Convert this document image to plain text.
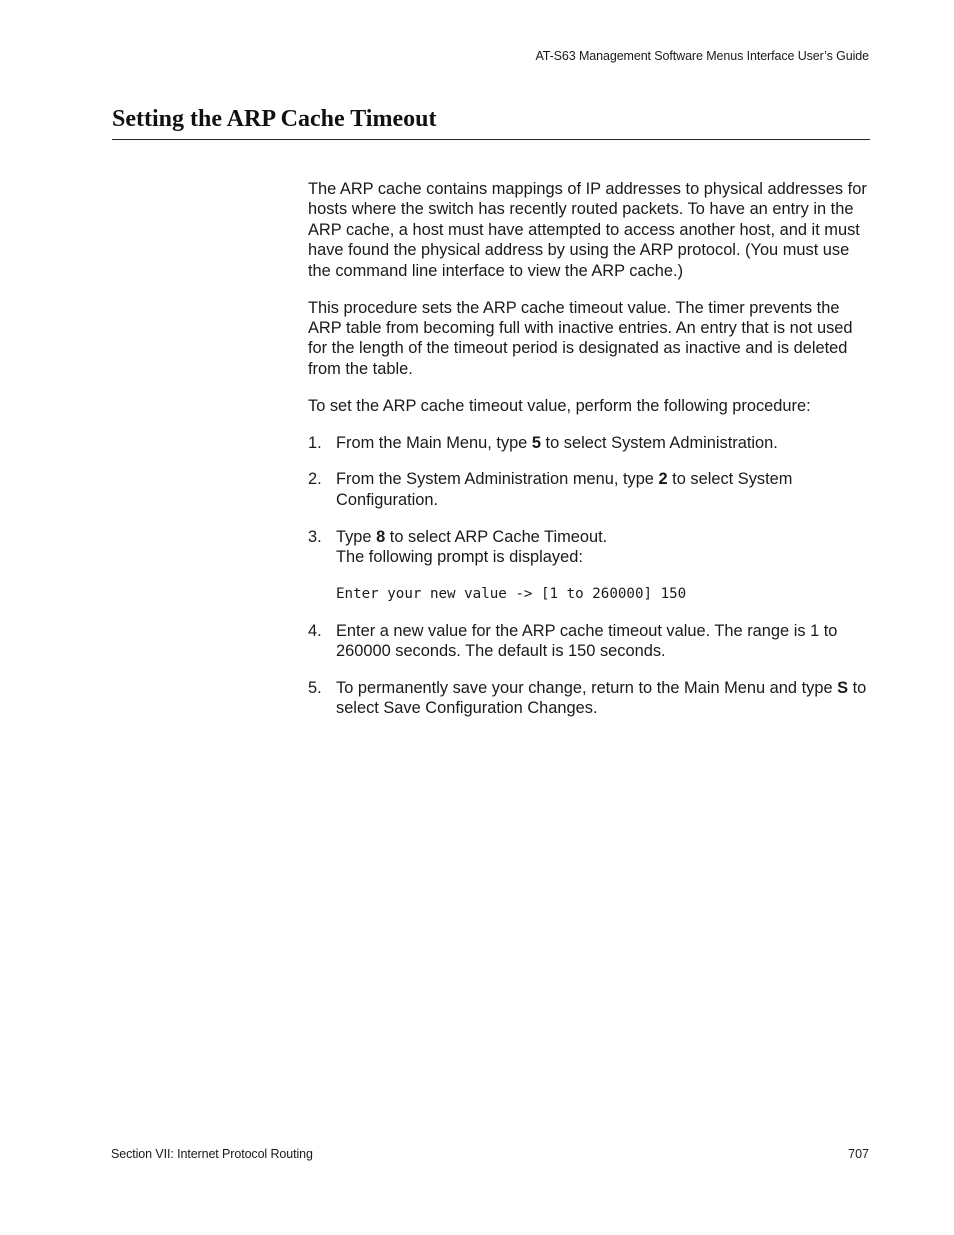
AT-S63 Management Software Menus Interface User’s Guide
Setting the ARP Cache Timeout

The ARP cache contains mappings of IP addresses to physical addresses for hosts where the switch has recently routed packets. To have an entry in the ARP cache, a host must have attempted to access another host, and it must have found the physical address by using the ARP protocol. (You must use the command line interface to view the ARP cache.)

This procedure sets the ARP cache timeout value. The timer prevents the ARP table from becoming full with inactive entries. An entry that is not used for the length of the timeout period is designated as inactive and is deleted from the table.

To set the ARP cache timeout value, perform the following procedure:

1. From the Main Menu, type 5 to select System Administration.

2. From the System Administration menu, type 2 to select System Configuration.

3. Type 8 to select ARP Cache Timeout.

The following prompt is displayed:

Enter your new value -> [1 to 260000] 150
4. Enter a new value for the ARP cache timeout value. The range is 1 to 260000 seconds. The default is 150 seconds.

5. To permanently save your change, return to the Main Menu and type S to select Save Configuration Changes.

Section VII: Internet Protocol Routing	707
